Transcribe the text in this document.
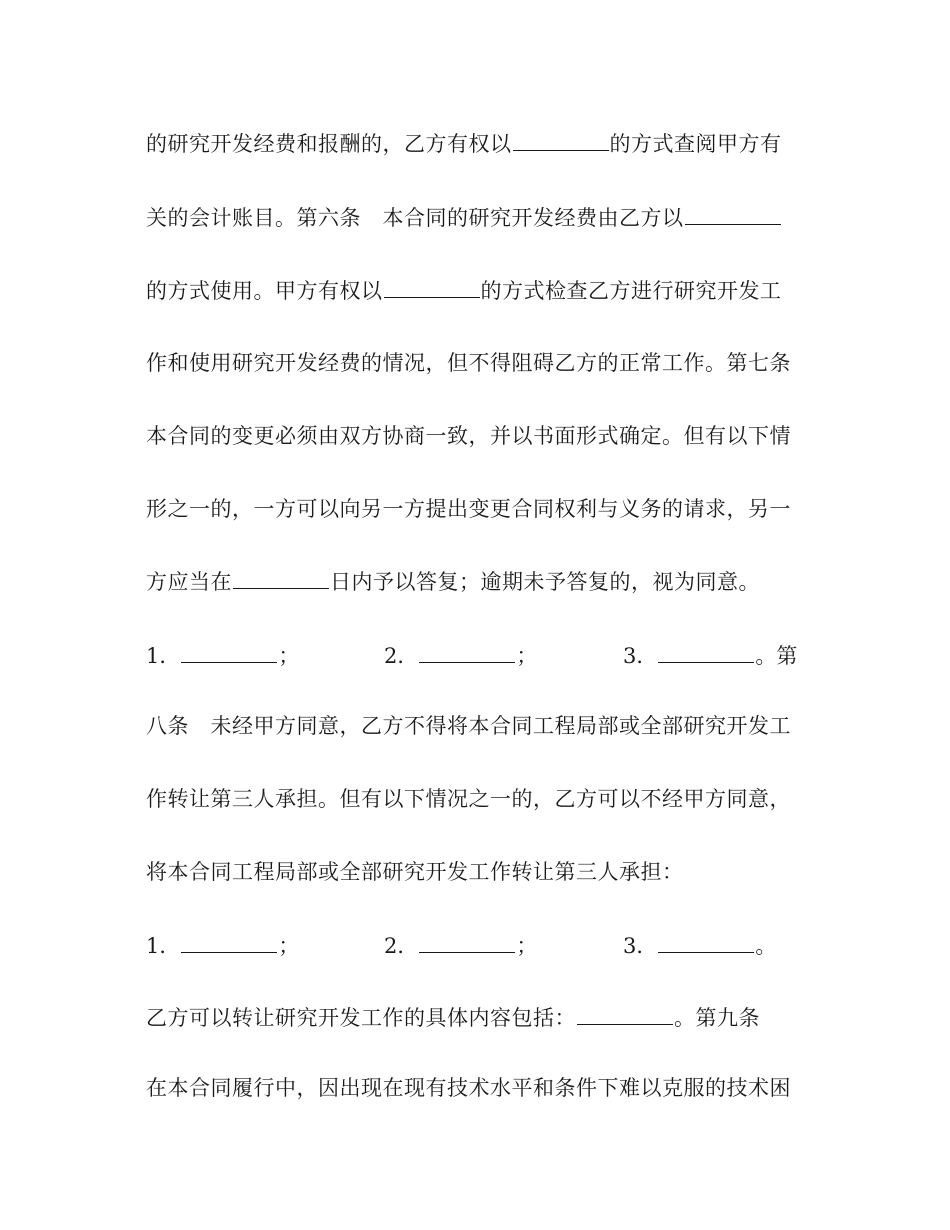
的研究开发经费和报酬的，乙方有权以	的方式查阅甲方有
关的会计账目。第六条　本合同的研究开发经费由乙方以
的方式使用。甲方有权以	的方式检查乙方进行研究开发工
作和使用研究开发经费的情况，但不得阻碍乙方的正常工作。第七条
本合同的变更必须由双方协商一致，并以书面形式确定。但有以下情
形之一的，一方可以向另一方提出变更合同权利与义务的请求，另一
方应当在	日内予以答复；逾期未予答复的，视为同意。
1．	；	2．	；	3．	。第
八条　未经甲方同意，乙方不得将本合同工程局部或全部研究开发工
作转让第三人承担。但有以下情况之一的，乙方可以不经甲方同意，
将本合同工程局部或全部研究开发工作转让第三人承担：
1．	；	2．	；	3．	。
乙方可以转让研究开发工作的具体内容包括：	。第九条
在本合同履行中，因出现在现有技术水平和条件下难以克服的技术困
